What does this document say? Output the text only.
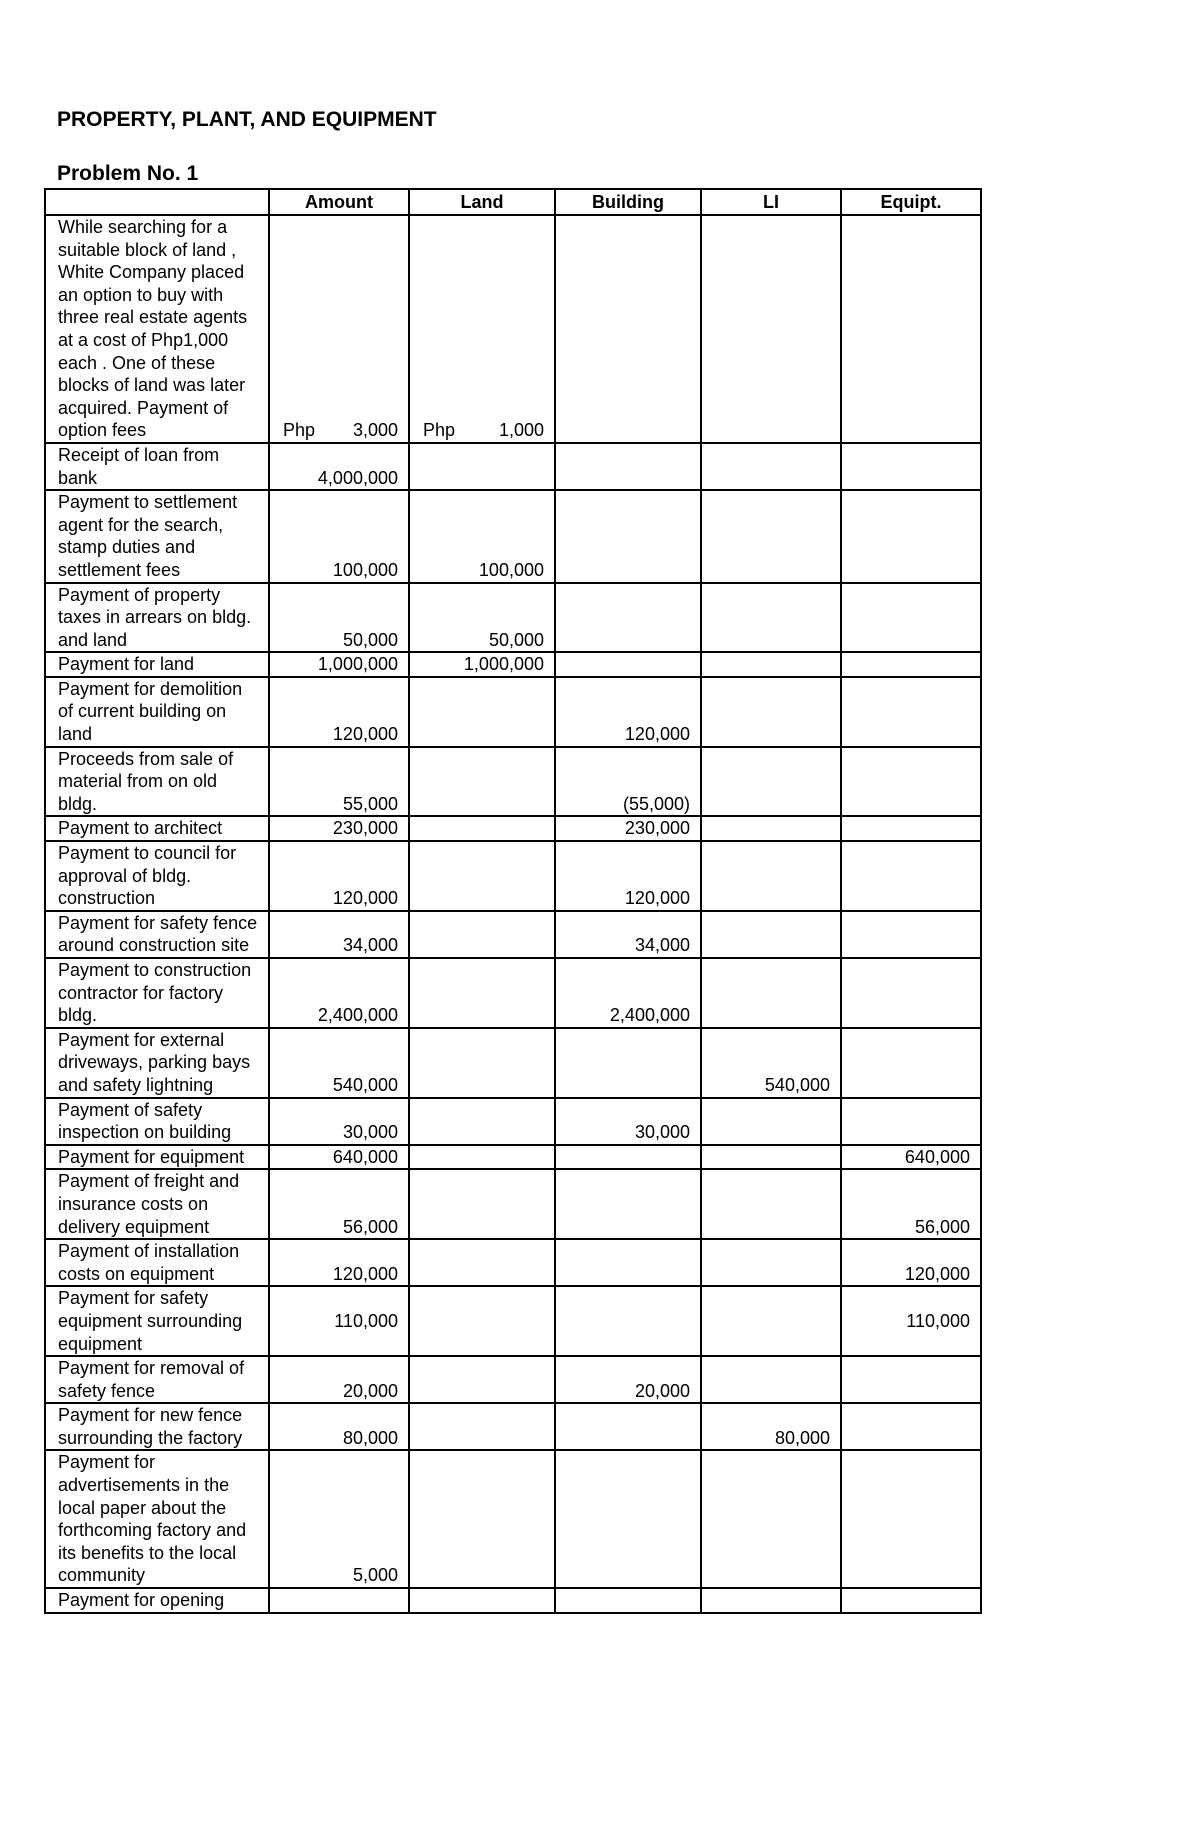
PROPERTY, PLANT, AND EQUIPMENT
Problem No. 1
	Amount	Land	Building	LI	Equipt.
While searching for a suitable block of land , White Company placed an option to buy with three real estate agents at a cost of Php1,000 each . One of these blocks of land was later acquired. Payment of option fees	Php 3,000	Php 1,000			
Receipt of loan from bank	4,000,000				
Payment to settlement agent for the search, stamp duties and settlement fees	100,000	100,000			
Payment of property taxes in arrears on bldg. and land	50,000	50,000			
Payment for land	1,000,000	1,000,000			
Payment for demolition of current building on land	120,000		120,000		
Proceeds from sale of material from on old bldg.	55,000		(55,000)		
Payment to architect	230,000		230,000		
Payment to council for approval of bldg. construction	120,000		120,000		
Payment for safety fence around construction site	34,000		34,000		
Payment to construction contractor for factory bldg.	2,400,000		2,400,000		
Payment for external driveways, parking bays and safety lightning	540,000			540,000	
Payment of safety inspection on building	30,000		30,000		
Payment for equipment	640,000				640,000
Payment of freight and insurance costs on delivery equipment	56,000				56,000
Payment of installation costs on equipment	120,000				120,000
Payment for safety equipment surrounding equipment	110,000				110,000
Payment for removal of safety fence	20,000		20,000		
Payment for new fence surrounding the factory	80,000			80,000	
Payment for advertisements in the local paper about the forthcoming factory and its benefits to the local community	5,000				
Payment for opening					
